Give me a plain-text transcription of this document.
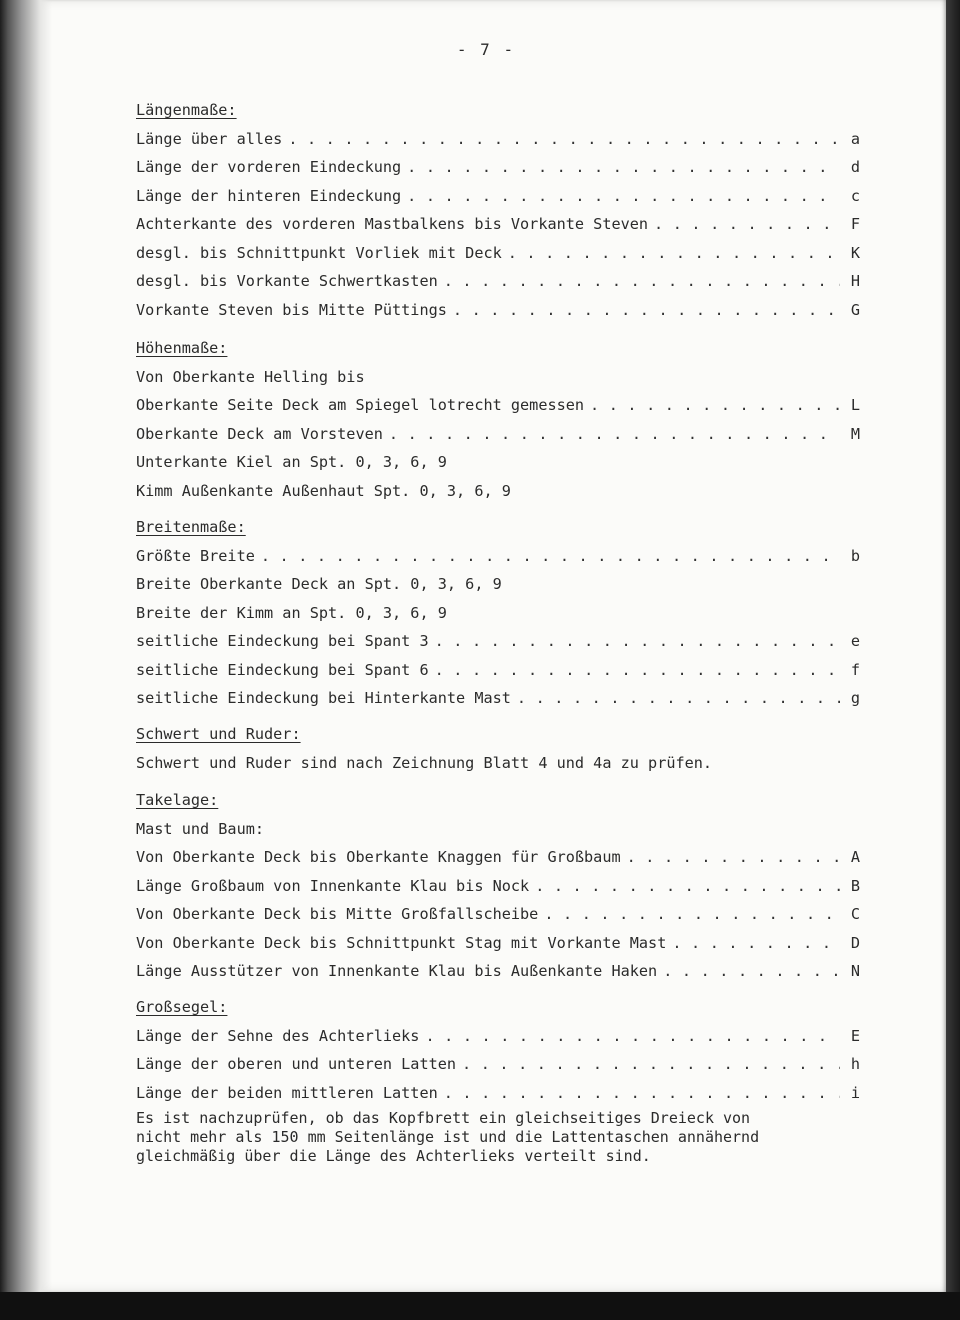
- 7 -
Längenmaße:
Länge über alles . . .	a
Länge der vorderen Eindeckung . . .	d
Länge der hinteren Eindeckung . . .	c
Achterkante des vorderen Mastbalkens bis Vorkante Steven . . .	F
desgl. bis Schnittpunkt Vorliek mit Deck . . .	K
desgl. bis Vorkante Schwertkasten . . .	H
Vorkante Steven bis Mitte Püttings . . .	G
Höhenmaße:
Von Oberkante Helling bis
Oberkante Seite Deck am Spiegel lotrecht gemessen . . .	L
Oberkante Deck am Vorsteven . . .	M
Unterkante Kiel an Spt. 0, 3, 6, 9
Kimm Außenkante Außenhaut Spt. 0, 3, 6, 9
Breitenmaße:
Größte Breite . . .	b
Breite Oberkante Deck an Spt. 0, 3, 6, 9
Breite der Kimm an Spt. 0, 3, 6, 9
seitliche Eindeckung bei Spant 3 . . .	e
seitliche Eindeckung bei Spant 6 . . .	f
seitliche Eindeckung bei Hinterkante Mast . . .	g
Schwert und Ruder:
Schwert und Ruder sind nach Zeichnung Blatt 4 und 4a zu prüfen.
Takelage:
Mast und Baum:
Von Oberkante Deck bis Oberkante Knaggen für Großbaum . . .	A
Länge Großbaum von Innenkante Klau bis Nock . . .	B
Von Oberkante Deck bis Mitte Großfallscheibe . . .	C
Von Oberkante Deck bis Schnittpunkt Stag mit Vorkante Mast . . .	D
Länge Ausstützer von Innenkante Klau bis Außenkante Haken . . .	N
Großsegel:
Länge der Sehne des Achterlieks . . .	E
Länge der oberen und unteren Latten . . .	h
Länge der beiden mittleren Latten . . .	i
Es ist nachzuprüfen, ob das Kopfbrett ein gleichseitiges Dreieck von
nicht mehr als 150 mm Seitenlänge ist und die Lattentaschen annähernd
gleichmäßig über die Länge des Achterlieks verteilt sind.
